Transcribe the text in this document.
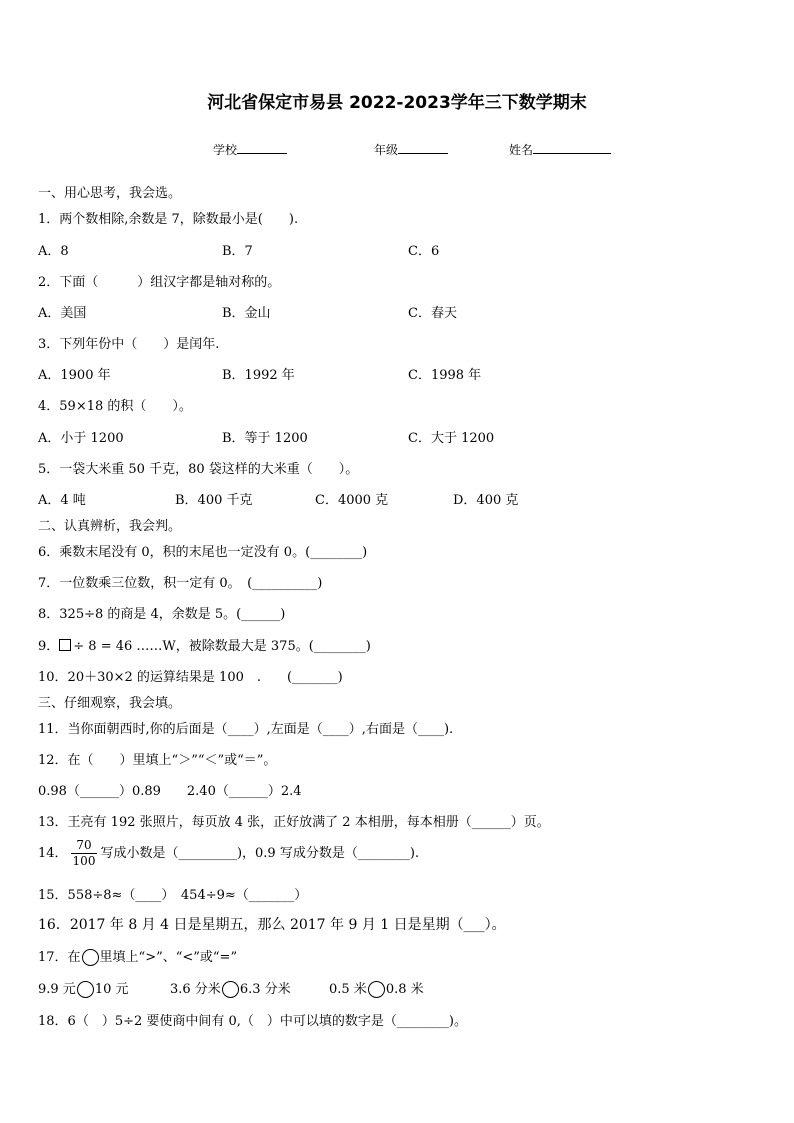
河北省保定市易县 2022-2023学年三下数学期末
学校	年级	姓名
一、用心思考，我会选。
1．两个数相除,余数是 7，除数最小是(　　).
A．8	B．7	C．6
2．下面（　　　）组汉字都是轴对称的。
A．美国	B．金山	C．春天
3．下列年份中（　　）是闰年.
A．1900 年	B．1992 年	C．1998 年
4．59×18 的积（　　）。
A．小于 1200	B．等于 1200	C．大于 1200
5．一袋大米重 50 千克，80 袋这样的大米重（　　）。
A．4 吨	B．400 千克	C．4000 克	D．400 克
二、认真辨析，我会判。
6．乘数末尾没有 0，积的末尾也一定没有 0。(________)
7．一位数乘三位数，积一定有 0。　(__________)
8．325÷8 的商是 4，余数是 5。(______)
9． ÷ 8 = 46 ……W，被除数最大是 375。(________)
10．20＋30×2 的运算结果是 100　.　　(_______)
三、仔细观察，我会填。
11．当你面朝西时,你的后面是（____）,左面是（____）,右面是（____).
12．在（　　）里填上“＞”“＜”或“＝”。
0.98（______）0.89　　2.40（______）2.4
13．王亮有 192 张照片，每页放 4 张，正好放满了 2 本相册，每本相册（______）页。
14． $\frac{70}{100}$ 写成小数是（_________)，0.9 写成分数是（________).
15．558÷8≈（____）　454÷9≈（_______）
16．2017 年 8 月 4 日是星期五，那么 2017 年 9 月 1 日是星期（___）。
17．在 里填上“>”、“<”或“=”
9.9 元 10 元	3.6 分米 6.3 分米	0.5 米 0.8 米
18．6（　）5÷2 要使商中间有 0,（　）中可以填的数字是（________)。
